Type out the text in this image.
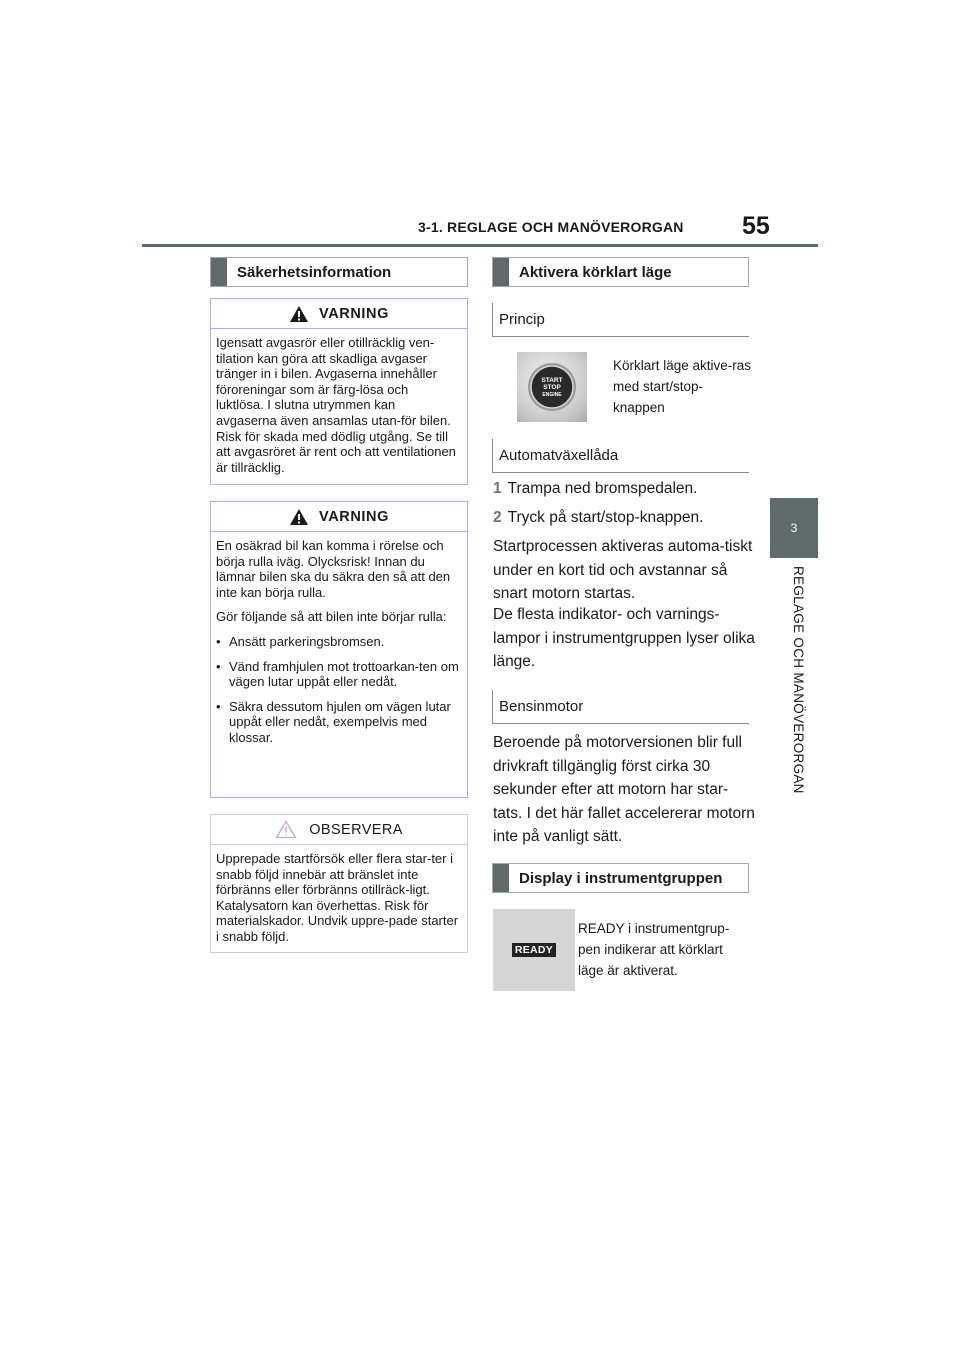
3-1. REGLAGE OCH MANÖVERORGAN 55
3
REGLAGE OCH MANÖVERORGAN
Säkerhetsinformation
VARNING

Igensatt avgasrör eller otillräcklig ven-tilation kan göra att skadliga avgaser tränger in i bilen. Avgaserna innehåller föroreningar som är färg-lösa och luktlösa. I slutna utrymmen kan avgaserna även ansamlas utan-för bilen. Risk för skada med dödlig utgång. Se till att avgasröret är rent och att ventilationen är tillräcklig.

VARNING

En osäkrad bil kan komma i rörelse och börja rulla iväg. Olycksrisk! Innan du lämnar bilen ska du säkra den så att den inte kan börja rulla.

Gör följande så att bilen inte börjar rulla:

• Ansätt parkeringsbromsen.
• Vänd framhjulen mot trottoarkan-ten om vägen lutar uppåt eller nedåt.
• Säkra dessutom hjulen om vägen lutar uppåt eller nedåt, exempelvis med klossar.
OBSERVERA

Upprepade startförsök eller flera star-ter i snabb följd innebär att bränslet inte förbränns eller förbränns otillräck-ligt. Katalysatorn kan överhettas. Risk för materialskador. Undvik uppre-pade starter i snabb följd.

Aktivera körklart läge
Princip
START
STOP
ENGINE
Körklart läge aktive-ras med start/stop-knappen
Automatväxellåda
1 Trampa ned bromspedalen.
2 Tryck på start/stop-knappen.
Startprocessen aktiveras automa-tiskt under en kort tid och avstannar så snart motorn startas.
De flesta indikator- och varnings-lampor i instrumentgruppen lyser olika länge.
Bensinmotor
Beroende på motorversionen blir full drivkraft tillgänglig först cirka 30 sekunder efter att motorn har star-tats. I det här fallet accelererar motorn inte på vanligt sätt.
Display i instrumentgruppen
READY
READY i instrumentgrup-pen indikerar att körklart läge är aktiverat.
